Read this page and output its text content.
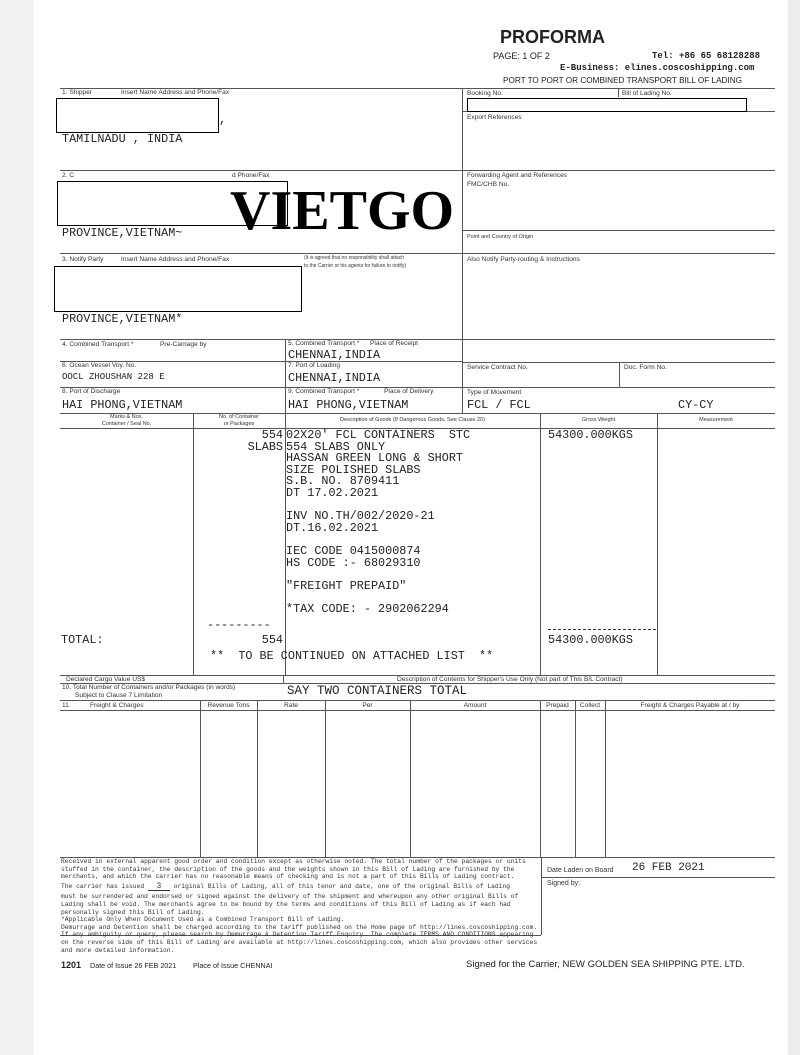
PROFORMA
PAGE: 1 OF 2	Tel: +86 65 68128288
E-Business: elines.coscoshipping.com
PORT TO PORT OR COMBINED TRANSPORT BILL OF LADING
Booking No.	Bill of Lading No.
Export References
Forwarding Agent and References
FMC/CHB No.
Point and Country of Origin
Also Notify Party-routing & Instructions
Service Contract No.	Doc. Form No.
Type of Movement
FCL / FCL	CY-CY
1. Shipper	Insert Name Address and Phone/Fax
,
TAMILNADU , INDIA
2. C	d Phone/Fax
PROVINCE,VIETNAM~ VIETGO
3. Notify Party	Insert Name Address and Phone/Fax	(It is agreed that no responsibility shall attach
to the Carrier or his agents for failure to notify)
PROVINCE,VIETNAM*
4. Combined Transport *	Pre-Carriage by	5. Combined Transport * Place of Receipt
CHENNAI,INDIA
6. Ocean Vessel Voy. No.
OOCL ZHOUSHAN 228 E
7. Port of Loading
CHENNAI,INDIA
8. Port of Discharge
HAI PHONG,VIETNAM
9. Combined Transport *	Place of Delivery
HAI PHONG,VIETNAM
Marks & Nos.
Container / Seal No.
No. of Container
or Packages
Description of Goods (If Dangerous Goods, See Clause 20)	Gross Weight	Measurement
554
SLABS
02X20' FCL CONTAINERS  STC
554 SLABS ONLY
HASSAN GREEN LONG & SHORT
SIZE POLISHED SLABS
S.B. NO. 8709411
DT 17.02.2021
INV NO.TH/002/2020-21
DT.16.02.2021
IEC CODE 0415000874
HS CODE :- 68029310
"FREIGHT PREPAID"
*TAX CODE: - 2902062294
54300.000KGS
---------
TOTAL:	554	54300.000KGS
**  TO BE CONTINUED ON ATTACHED LIST  **
Declared Cargo Value US$	Description of Contents for Shipper's Use Only (Not part of This B/L Contract)
10. Total Number of Containers and/or Packages (in words)
Subject to Clause 7 Limitation	SAY TWO CONTAINERS TOTAL
11.	Freight & Charges	Revenue Tons	Rate	Per	Amount	Prepaid	Collect	Freight & Charges Payable at / by
Received in external apparent good order and condition except as otherwise noted. The total number of the packages or units stuffed in the container, the description of the goods and the weights shown in this Bill of Lading are furnished by the merchants, and which the carrier has no reasonable means of checking and is not a part of this Bills of Lading contract.
The carrier has issued 3 original Bills of Lading, all of this tenor and date, one of the original Bills of Lading
must be surrendered and endorsed or signed against the delivery of the shipment and whereupon any other original Bills of Lading shall be void. The merchants agree to be bound by the terms and conditions of this Bill of Lading as if each had personally signed this Bill of Lading.
*Applicable Only When Document Used as a Combined Transport Bill of Lading.
Demurrage and Detention shall be charged according to the tariff published on the Home page of http://lines.coscoshipping.com. If any ambiguity or query, please search by Demurrage & Detention Tariff Enquiry. The complete TERMS AND CONDITIONS appearing on the reverse side of this Bill of Lading are available at http://lines.coscoshipping.com, which also provides other services and more detailed information.
Date Laden on Board 26 FEB 2021
Signed by:
1201 Date of Issue 26 FEB 2021 Place of Issue CHENNAI	Signed for the Carrier, NEW GOLDEN SEA SHIPPING PTE. LTD.
